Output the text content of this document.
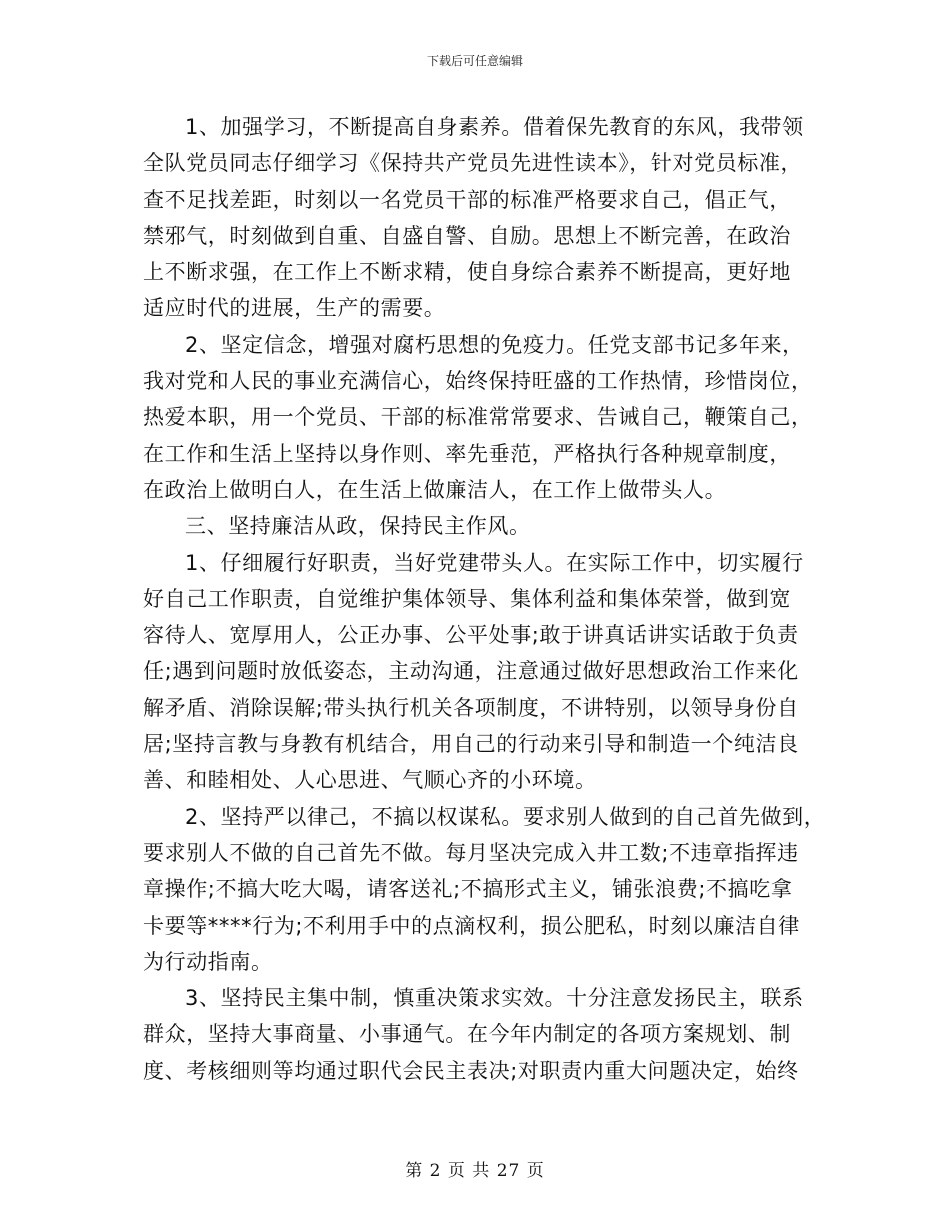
下载后可任意编辑
1、加强学习，不断提高自身素养。借着保先教育的东风，我带领
全队党员同志仔细学习《保持共产党员先进性读本》，针对党员标准，
查不足找差距，时刻以一名党员干部的标准严格要求自己，倡正气，
禁邪气，时刻做到自重、自盛自警、自励。思想上不断完善，在政治
上不断求强，在工作上不断求精，使自身综合素养不断提高，更好地
适应时代的进展，生产的需要。
2、坚定信念，增强对腐朽思想的免疫力。任党支部书记多年来，
我对党和人民的事业充满信心，始终保持旺盛的工作热情，珍惜岗位，
热爱本职，用一个党员、干部的标准常常要求、告诫自己，鞭策自己，
在工作和生活上坚持以身作则、率先垂范，严格执行各种规章制度，
在政治上做明白人，在生活上做廉洁人，在工作上做带头人。
三、坚持廉洁从政，保持民主作风。
1、仔细履行好职责，当好党建带头人。在实际工作中，切实履行
好自己工作职责，自觉维护集体领导、集体利益和集体荣誉，做到宽
容待人、宽厚用人，公正办事、公平处事;敢于讲真话讲实话敢于负责
任;遇到问题时放低姿态，主动沟通，注意通过做好思想政治工作来化
解矛盾、消除误解;带头执行机关各项制度，不讲特别，以领导身份自
居;坚持言教与身教有机结合，用自己的行动来引导和制造一个纯洁良
善、和睦相处、人心思进、气顺心齐的小环境。
2、坚持严以律己，不搞以权谋私。要求别人做到的自己首先做到，
要求别人不做的自己首先不做。每月坚决完成入井工数;不违章指挥违
章操作;不搞大吃大喝，请客送礼;不搞形式主义，铺张浪费;不搞吃拿
卡要等****行为;不利用手中的点滴权利，损公肥私，时刻以廉洁自律
为行动指南。
3、坚持民主集中制，慎重决策求实效。十分注意发扬民主，联系
群众，坚持大事商量、小事通气。在今年内制定的各项方案规划、制
度、考核细则等均通过职代会民主表决;对职责内重大问题决定，始终
第 2 页 共 27 页
